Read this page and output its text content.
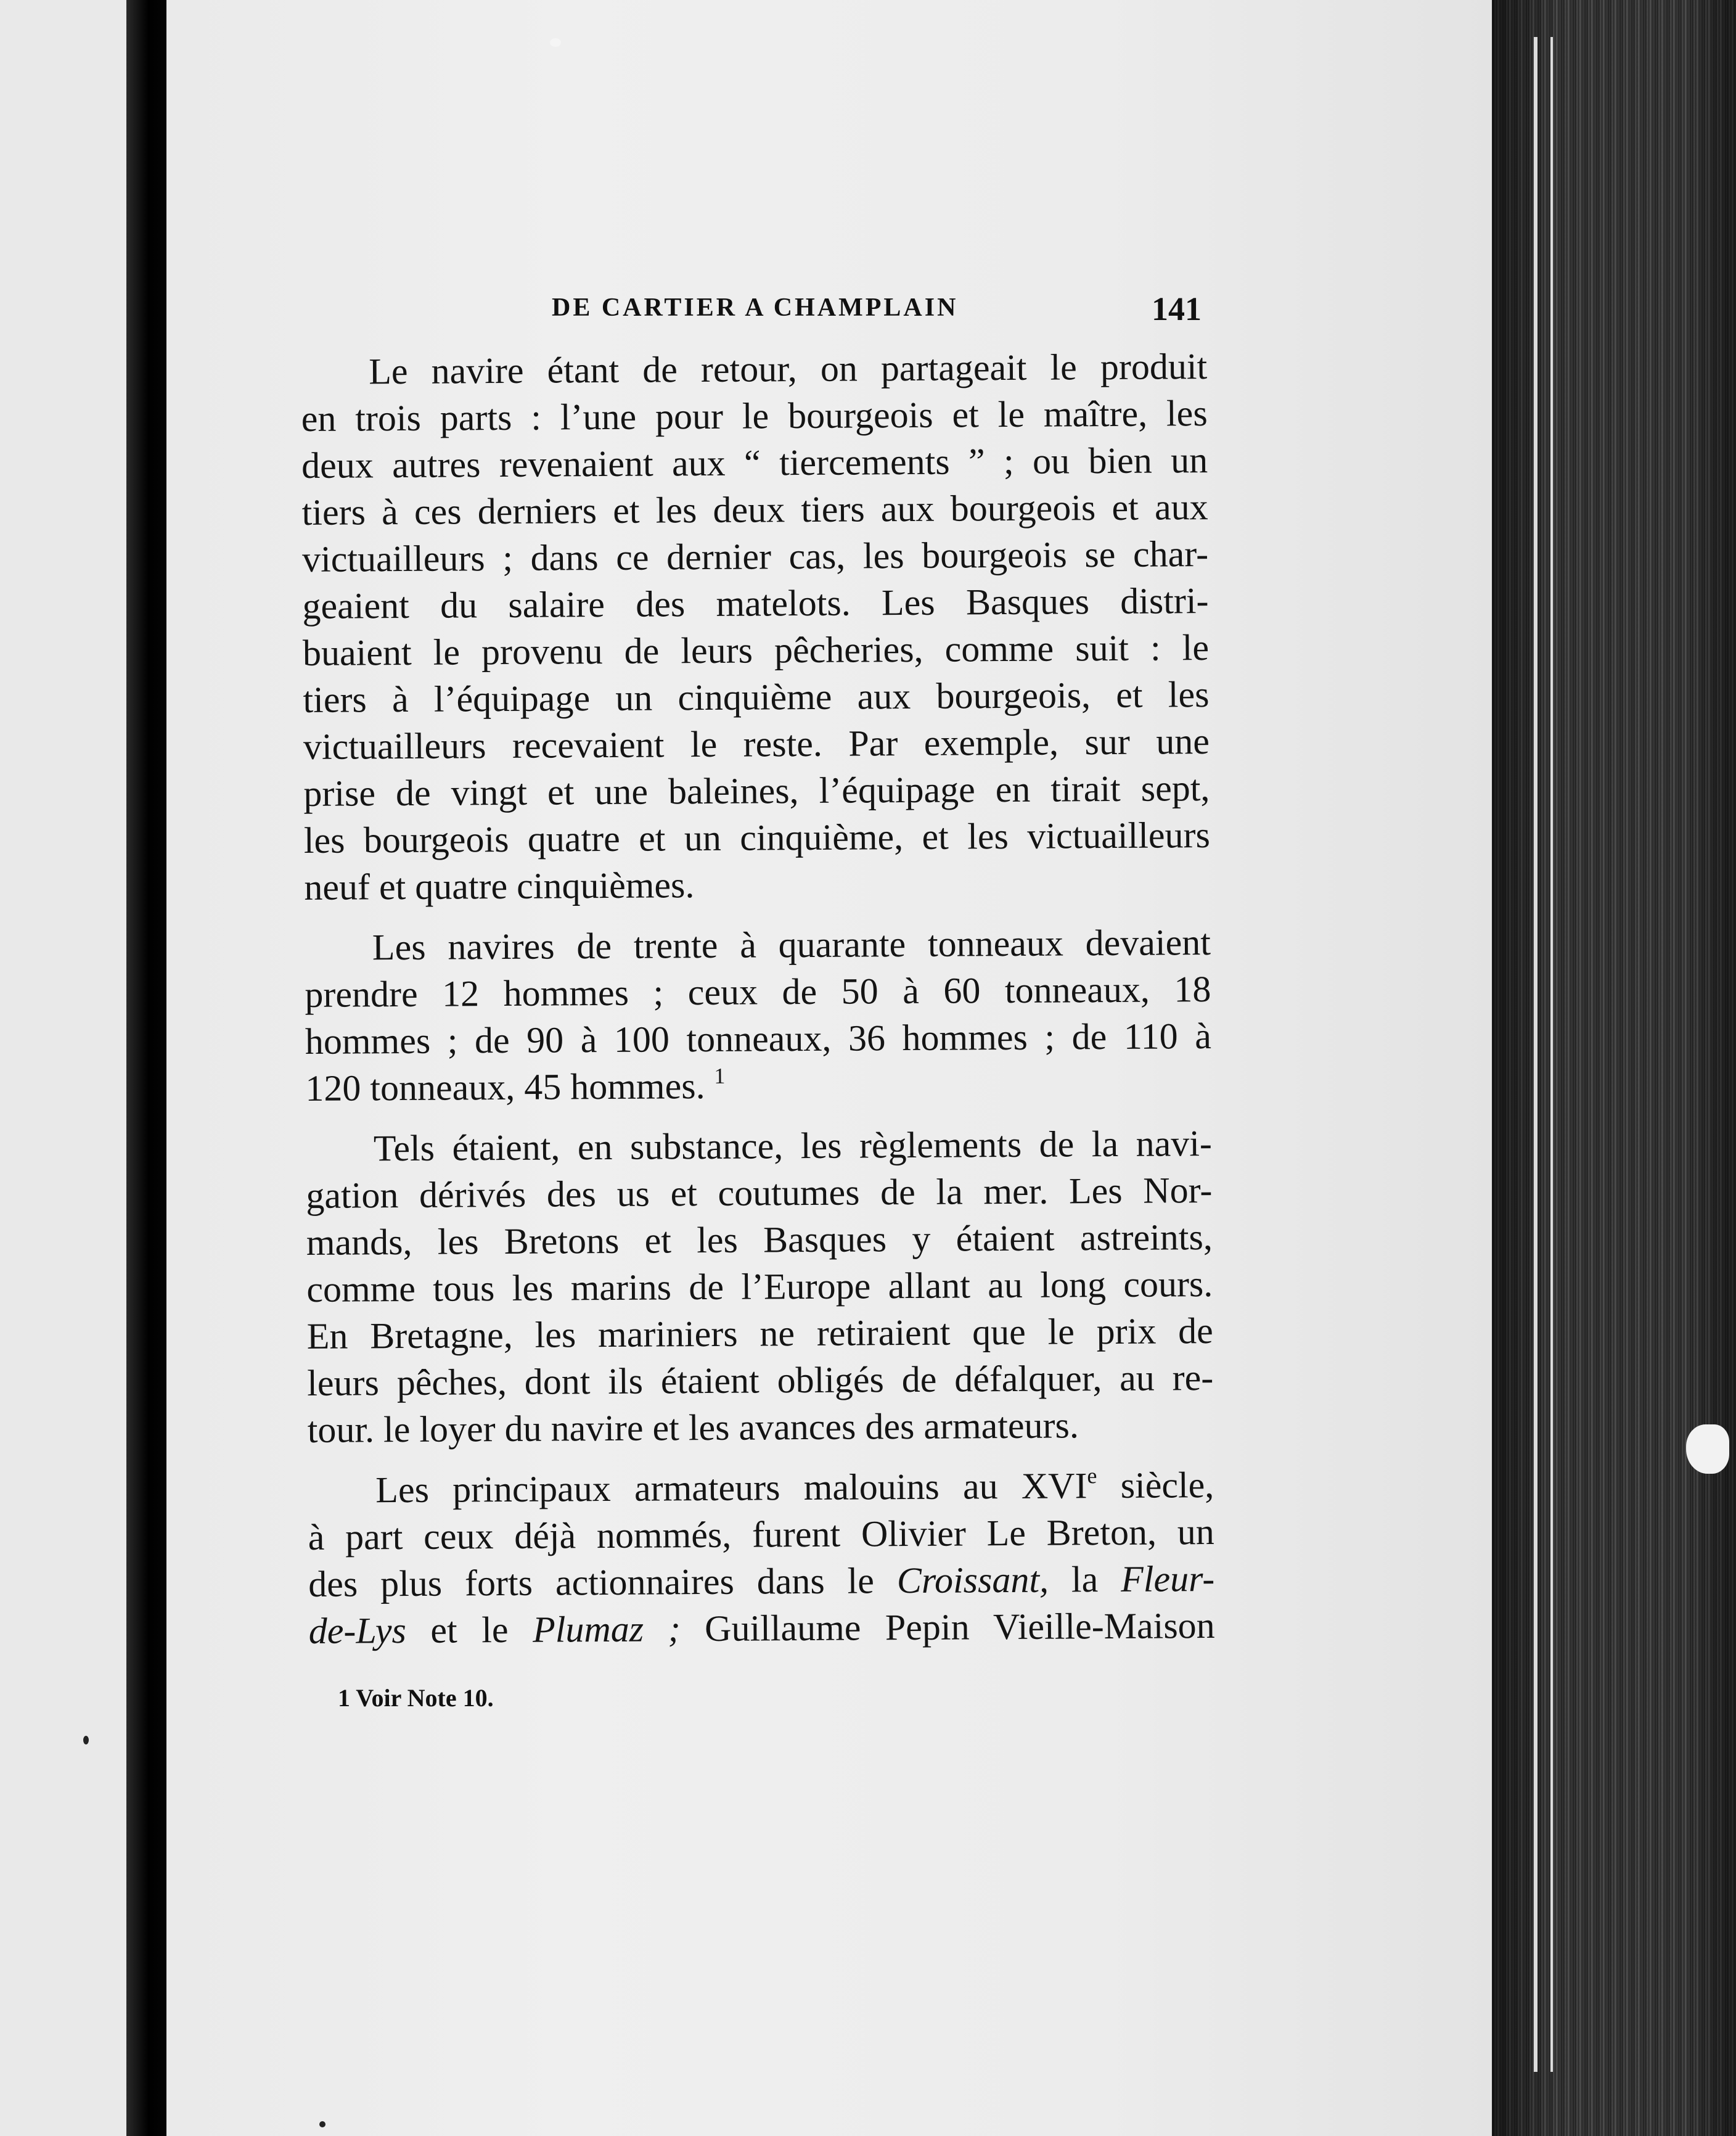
DE CARTIER A CHAMPLAIN	141
Le navire étant de retour, on partageait le produit
en trois parts : l’une pour le bourgeois et le maître, les
deux autres revenaient aux “ tiercements ” ; ou bien un
tiers à ces derniers et les deux tiers aux bourgeois et aux
victuailleurs ; dans ce dernier cas, les bourgeois se char-
geaient du salaire des matelots. Les Basques distri-
buaient le provenu de leurs pêcheries, comme suit : le
tiers à l’équipage un cinquième aux bourgeois, et les
victuailleurs recevaient le reste. Par exemple, sur une
prise de vingt et une baleines, l’équipage en tirait sept,
les bourgeois quatre et un cinquième, et les victuailleurs
neuf et quatre cinquièmes.
Les navires de trente à quarante tonneaux devaient
prendre 12 hommes ; ceux de 50 à 60 tonneaux, 18
hommes ; de 90 à 100 tonneaux, 36 hommes ; de 110 à
120 tonneaux, 45 hommes. $^1$
Tels étaient, en substance, les règlements de la navi-
gation dérivés des us et coutumes de la mer. Les Nor-
mands, les Bretons et les Basques y étaient astreints,
comme tous les marins de l’Europe allant au long cours.
En Bretagne, les mariniers ne retiraient que le prix de
leurs pêches, dont ils étaient obligés de défalquer, au re-
tour. le loyer du navire et les avances des armateurs.
Les principaux armateurs malouins au XVIe siècle,
à part ceux déjà nommés, furent Olivier Le Breton, un
des plus forts actionnaires dans le Croissant, la Fleur-
de-Lys et le Plumaz ; Guillaume Pepin Vieille-Maison
1 Voir Note 10.
